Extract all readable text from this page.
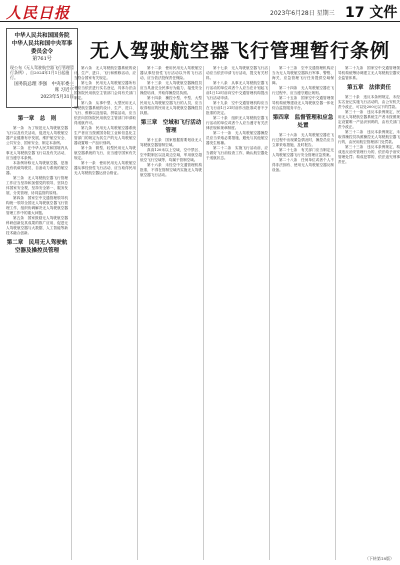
人民日报	2023年6月28日 星期三 17 文件
中华人民共和国国务院
中华人民共和国中央军事委员会令
第761号
现公布《无人驾驶航空器飞行管理暂行条例》，自2024年1月1日起施行。
国务院总理 李强　中央军委主席 习近平
2023年5月31日
无人驾驶航空器飞行管理暂行条例
第一章　总　则

第一条　为了规范无人驾驶航空器飞行以及有关活动，促进无人驾驶航空器产业健康有序发展，维护航空安全、公共安全、国家安全，制定本条例。

第二条　在中华人民共和国境内从事无人驾驶航空器飞行以及有关活动，应当遵守本条例。

本条例所称无人驾驶航空器，是指没有机载驾驶员、自备动力系统的航空器。

第三条　无人驾驶航空器飞行管理工作应当坚持和加强党的领导，坚持总体国家安全观，坚持安全第一、服务发展、分类管理、协同监管的原则。

第四条　国家空中交通管理领导机构统一领导全国无人驾驶航空器飞行管理工作，组织协调解决无人驾驶航空器管理工作中的重大问题。

第五条　国家鼓励无人驾驶航空器科研创新及其成果的推广应用，促进无人驾驶航空器与大数据、人工智能等新技术融合创新。

第二章　民用无人驾驶航空器及操控员管理

第六条　无人驾驶航空器系统的设计、生产、进口、飞行和维修活动，应当符合国家有关规定。

第七条　民用无人驾驶航空器所有者应当依法进行实名登记，具体办法由国务院民用航空主管部门会同有关部门制定。

第八条　从事中型、大型民用无人驾驶航空器系统的设计、生产、进口、飞行、维修以及组装、拼装活动，应当依法向国务院民用航空主管部门申请取得适航许可。

第九条　民用无人驾驶航空器系统生产者应当按照国务院工业和信息化主管部门的规定为其生产的无人驾驶航空器设置唯一产品识别码。

第十条　微型、轻型民用无人驾驶航空器系统的飞行，应当遵守国家有关规定。

第十一条　使用民用无人驾驶航空器从事经营性飞行活动，应当取得民用无人驾驶航空器运营合格证。

第十二条　使用民用无人驾驶航空器从事经营性飞行活动以外的飞行活动，应当依法投保责任保险。

第十三条　无人驾驶航空器操控员应当具备完全民事行为能力，接受安全操控培训，并取得操控员执照。

第十四条　操控小型、中型、大型民用无人驾驶航空器飞行的人员，应当取得相应的民用无人驾驶航空器操控员执照。

第三章　空域和飞行活动管理

第十五条　国家根据需要划设无人驾驶航空器管制空域。

真高120米以上空域，空中禁区、空中限制区以及周边空域，军用航空超低空飞行空域等，均属于管制空域。

第十六条　未经空中交通管理机构批准，不得在管制空域内实施无人驾驶航空器飞行活动。

第十七条　无人驾驶航空器飞行活动应当依法申请飞行活动，提交有关材料。

第十八条　从事无人驾驶航空器飞行活动的单位或者个人应当在计划起飞前1日12时前向空中交通管理机构提出飞行活动申请。

第十九条　空中交通管理机构应当在飞行前1日21时前作出批准或者不予批准的决定。

第二十条　组织无人驾驶航空器飞行活动的单位或者个人应当遵守有关法律法规和规章制度。

第二十一条　无人驾驶航空器操控员应当采取必要措施，避免与其他航空器发生相撞。

第二十二条　实施飞行活动前，应当做好飞行前检查工作，确认航空器处于适航状态。

第二十三条　空中交通管理机构应当为无人驾驶航空器执行军事、警察、海关、应急管理飞行任务提供空域保障。

第二十四条　无人驾驶航空器在飞行过程中，应当遵守避让规则。

第二十五条　国家空中交通管理领导机构统筹建设无人驾驶航空器一体化综合监管服务平台。

第四章　监督管理和应急处置

第二十六条　无人驾驶航空器在飞行过程中出现紧急情况时，操控员应当立即采取措施，及时报告。

第二十七条　有关部门应当制定无人驾驶航空器飞行安全管理应急预案。

第二十八条　任何单位或者个人不得非法拥有、使用无人驾驶航空器反制设备。

第二十九条　国家空中交通管理领导机构统筹协调建立无人驾驶航空器安全监管体系。

第五章　法律责任

第三十条　违反本条例规定，未经实名登记实施飞行活动的，由公安机关责令改正，可以处200元以下的罚款。

第三十一条　违反本条例规定，民用无人驾驶航空器系统生产者未按照规定设置唯一产品识别码的，由有关部门责令改正。

第三十二条　违反本条例规定，未取得操控员执照操控无人驾驶航空器飞行的，由民用航空管理部门处罚款。

第三十三条　违反本条例规定，构成违反治安管理行为的，依法给予治安管理处罚；构成犯罪的，依法追究刑事责任。

（下转第18版）
